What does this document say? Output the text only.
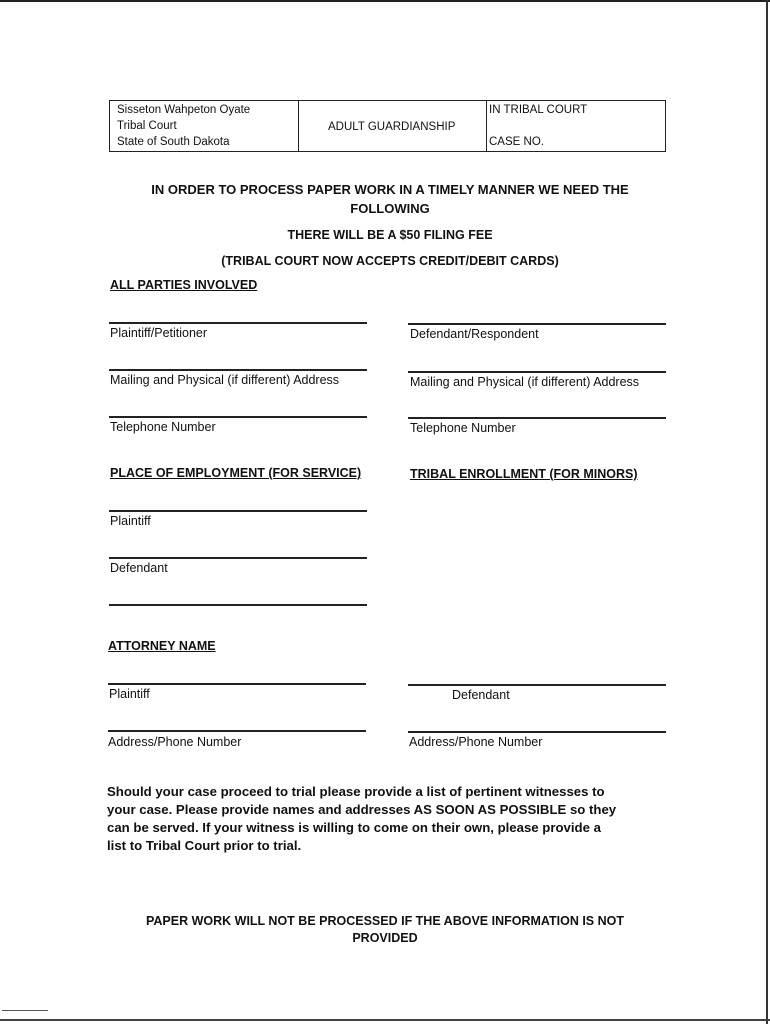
Sisseton Wahpeton Oyate
Tribal Court
State of South Dakota
ADULT GUARDIANSHIP
IN TRIBAL COURT
CASE NO.
IN ORDER TO PROCESS PAPER WORK IN A TIMELY MANNER WE NEED THE
FOLLOWING
THERE WILL BE A $50 FILING FEE
(TRIBAL COURT NOW ACCEPTS CREDIT/DEBIT CARDS)
ALL PARTIES INVOLVED
Plaintiff/Petitioner	Defendant/Respondent
Mailing and Physical (if different) Address	Mailing and Physical (if different) Address
Telephone Number	Telephone Number
PLACE OF EMPLOYMENT (FOR SERVICE)	TRIBAL ENROLLMENT (FOR MINORS)
Plaintiff
Defendant
ATTORNEY NAME
Plaintiff	Defendant
Address/Phone Number	Address/Phone Number
Should your case proceed to trial please provide a list of pertinent witnesses to
your case. Please provide names and addresses AS SOON AS POSSIBLE so they
can be served. If your witness is willing to come on their own, please provide a
list to Tribal Court prior to trial.
PAPER WORK WILL NOT BE PROCESSED IF THE ABOVE INFORMATION IS NOT
PROVIDED
